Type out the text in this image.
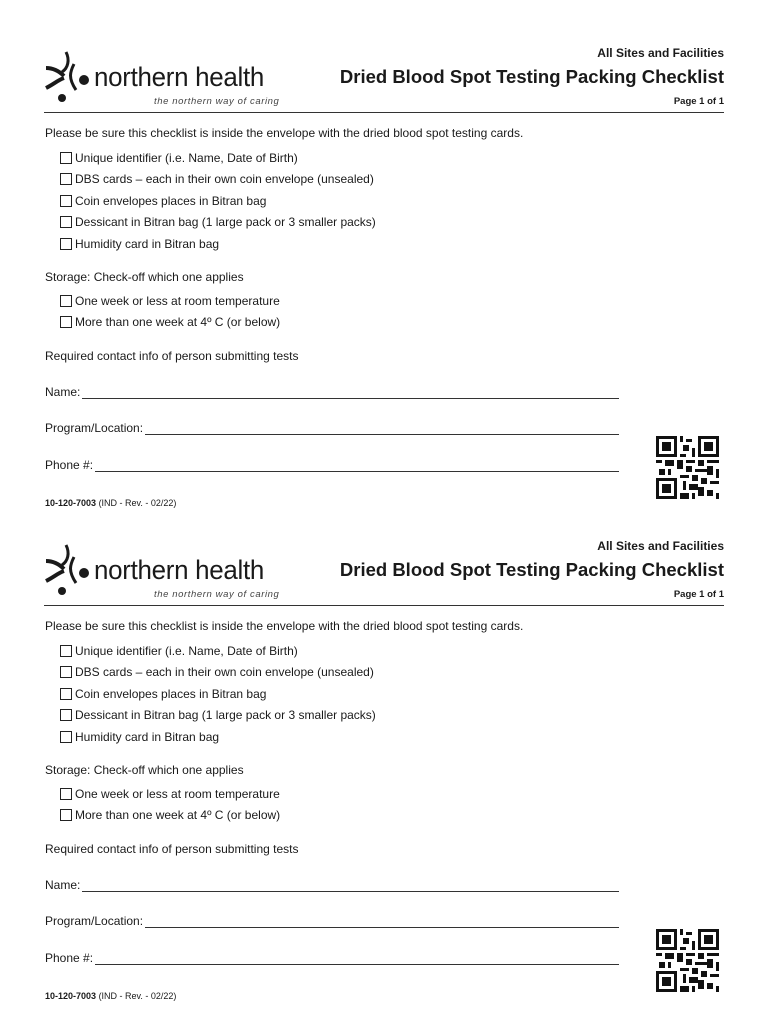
northern health
the northern way of caring
All Sites and Facilities
Dried Blood Spot Testing Packing Checklist
Page 1 of 1
Please be sure this checklist is inside the envelope with the dried blood spot testing cards.
Unique identifier (i.e. Name, Date of Birth)
DBS cards – each in their own coin envelope (unsealed)
Coin envelopes places in Bitran bag
Dessicant in Bitran bag (1 large pack or 3 smaller packs)
Humidity card in Bitran bag
Storage: Check-off which one applies
One week or less at room temperature
More than one week at 4º C (or below)
Required contact info of person submitting tests
Name:
Program/Location:
Phone #:
10-120-7003 (IND - Rev. - 02/22)
northern health
the northern way of caring
All Sites and Facilities
Dried Blood Spot Testing Packing Checklist
Page 1 of 1
Please be sure this checklist is inside the envelope with the dried blood spot testing cards.
Unique identifier (i.e. Name, Date of Birth)
DBS cards – each in their own coin envelope (unsealed)
Coin envelopes places in Bitran bag
Dessicant in Bitran bag (1 large pack or 3 smaller packs)
Humidity card in Bitran bag
Storage: Check-off which one applies
One week or less at room temperature
More than one week at 4º C (or below)
Required contact info of person submitting tests
Name:
Program/Location:
Phone #:
10-120-7003 (IND - Rev. - 02/22)
